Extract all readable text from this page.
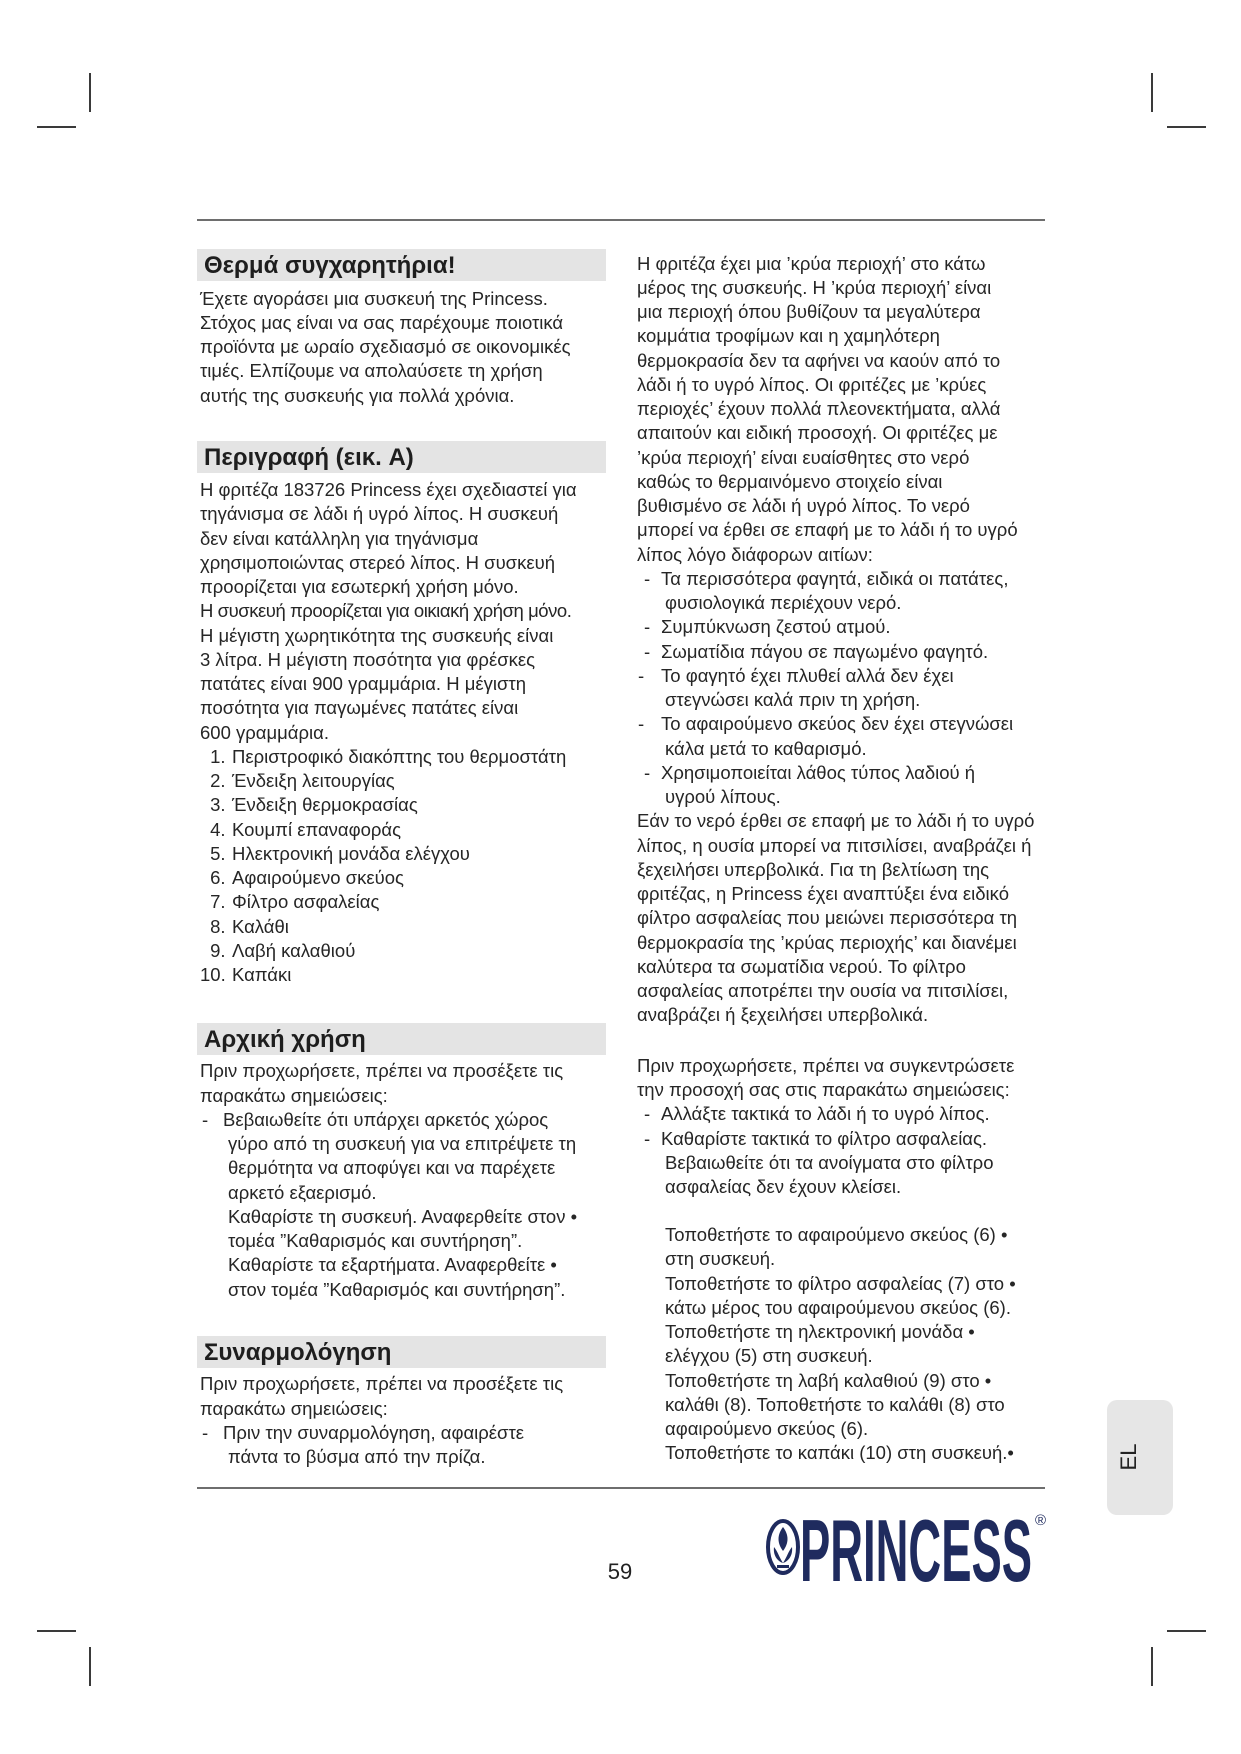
Θερμά συγχαρητήρια!
Έχετε αγοράσει μια συσκευή της Princess.
Στόχος μας είναι να σας παρέχουμε ποιοτικά
προϊόντα με ωραίο σχεδιασμό σε οικονομικές
τιμές. Ελπίζουμε να απολαύσετε τη χρήση
αυτής της συσκευής για πολλά χρόνια.
Περιγραφή (εικ. A)
Η φριτέζα 183726 Princess έχει σχεδιαστεί για
τηγάνισμα σε λάδι ή υγρό λίπος. Η συσκευή
δεν είναι κατάλληλη για τηγάνισμα
χρησιμοποιώντας στερεό λίπος. Η συσκευή
προορίζεται για εσωτερκή χρήση μόνο.
Η συσκευή προορίζεται για οικιακή χρήση μόνο.
Η μέγιστη χωρητικότητα της συσκευής είναι
3 λίτρα. Η μέγιστη ποσότητα για φρέσκες
πατάτες είναι 900 γραμμάρια. Η μέγιστη
ποσότητα για παγωμένες πατάτες είναι
600 γραμμάρια.
1. Περιστροφικό διακόπτης του θερμοστάτη
2. Ένδειξη λειτουργίας
3. Ένδειξη θερμοκρασίας
4. Κουμπί επαναφοράς
5. Ηλεκτρονική μονάδα ελέγχου
6. Αφαιρούμενο σκεύος
7. Φίλτρο ασφαλείας
8. Καλάθι
9. Λαβή καλαθιού
10. Καπάκι
Αρχική χρήση
Πριν προχωρήσετε, πρέπει να προσέξετε τις
παρακάτω σημειώσεις:
- Βεβαιωθείτε ότι υπάρχει αρκετός χώρος
γύρο από τη συσκευή για να επιτρέψετε τη
θερμότητα να αποφύγει και να παρέχετε
αρκετό εξαερισμό.
Καθαρίστε τη συσκευή. Αναφερθείτε στον •
τομέα ”Καθαρισμός και συντήρηση”.
Καθαρίστε τα εξαρτήματα. Αναφερθείτε •
στον τομέα ”Καθαρισμός και συντήρηση”.
Συναρμολόγηση
Πριν προχωρήσετε, πρέπει να προσέξετε τις
παρακάτω σημειώσεις:
- Πριν την συναρμολόγηση, αφαιρέστε
πάντα το βύσμα από την πρίζα.
Η φριτέζα έχει μια ’κρύα περιοχή’ στο κάτω
μέρος της συσκευής. Η ’κρύα περιοχή’ είναι
μια περιοχή όπου βυθίζουν τα μεγαλύτερα
κομμάτια τροφίμων και η χαμηλότερη
θερμοκρασία δεν τα αφήνει να καούν από το
λάδι ή το υγρό λίπος. Οι φριτέζες με ’κρύες
περιοχές’ έχουν πολλά πλεονεκτήματα, αλλά
απαιτούν και ειδική προσοχή. Οι φριτέζες με
’κρύα περιοχή’ είναι ευαίσθητες στο νερό
καθώς το θερμαινόμενο στοιχείο είναι
βυθισμένο σε λάδι ή υγρό λίπος. Το νερό
μπορεί να έρθει σε επαφή με το λάδι ή το υγρό
λίπος λόγο διάφορων αιτίων:
- Τα περισσότερα φαγητά, ειδικά οι πατάτες,
φυσιολογικά περιέχουν νερό.
- Συμπύκνωση ζεστού ατμού.
- Σωματίδια πάγου σε παγωμένο φαγητό.
- Το φαγητό έχει πλυθεί αλλά δεν έχει
στεγνώσει καλά πριν τη χρήση.
- Το αφαιρούμενο σκεύος δεν έχει στεγνώσει
κάλα μετά το καθαρισμό.
- Χρησιμοποιείται λάθος τύπος λαδιού ή
υγρού λίπους.
Εάν το νερό έρθει σε επαφή με το λάδι ή το υγρό
λίπος, η ουσία μπορεί να πιτσιλίσει, αναβράζει ή
ξεχειλήσει υπερβολικά. Για τη βελτίωση της
φριτέζας, η Princess έχει αναπτύξει ένα ειδικό
φίλτρο ασφαλείας που μειώνει περισσότερα τη
θερμοκρασία της ’κρύας περιοχής’ και διανέμει
καλύτερα τα σωματίδια νερού. Το φίλτρο
ασφαλείας αποτρέπει την ουσία να πιτσιλίσει,
αναβράζει ή ξεχειλήσει υπερβολικά.
Πριν προχωρήσετε, πρέπει να συγκεντρώσετε
την προσοχή σας στις παρακάτω σημειώσεις:
- Αλλάξτε τακτικά το λάδι ή το υγρό λίπος.
- Καθαρίστε τακτικά το φίλτρο ασφαλείας.
Βεβαιωθείτε ότι τα ανοίγματα στο φίλτρο
ασφαλείας δεν έχουν κλείσει.
Τοποθετήστε το αφαιρούμενο σκεύος (6) •
στη συσκευή.
Τοποθετήστε το φίλτρο ασφαλείας (7) στο •
κάτω μέρος του αφαιρούμενου σκεύος (6).
Τοποθετήστε τη ηλεκτρονική μονάδα •
ελέγχου (5) στη συσκευή.
Τοποθετήστε τη λαβή καλαθιού (9) στο •
καλάθι (8). Τοποθετήστε το καλάθι (8) στο
αφαιρούμενο σκεύος (6).
Τοποθετήστε το καπάκι (10) στη συσκευή.•	EL
59 PRINCESS ®
